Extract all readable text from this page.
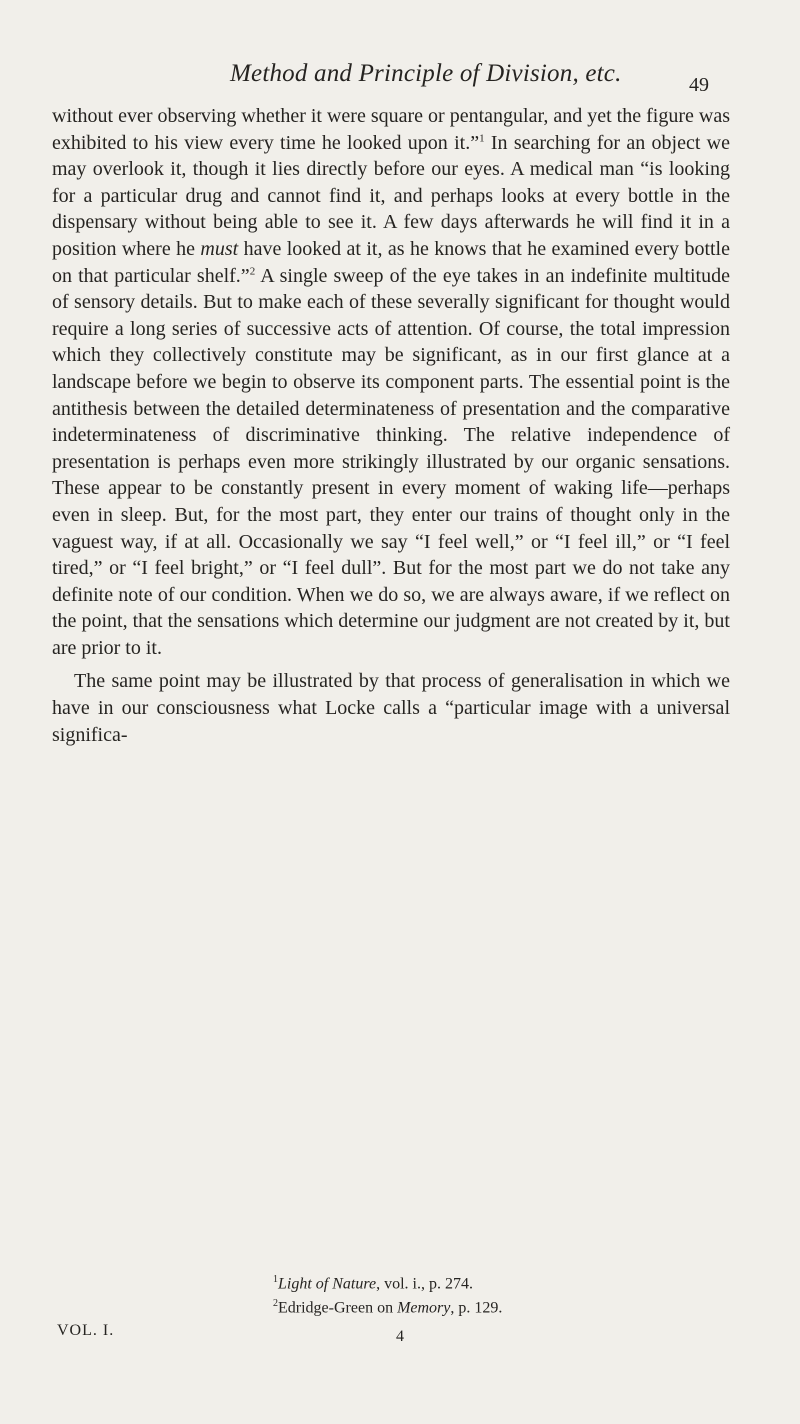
Method and Principle of Division, etc.	49

without ever observing whether it were square or pentangular, and yet the figure was exhibited to his view every time he looked upon it.”$^1$ In searching for an object we may overlook it, though it lies directly before our eyes. A medical man “is looking for a particular drug and cannot find it, and perhaps looks at every bottle in the dispensary without being able to see it. A few days afterwards he will find it in a position where he must have looked at it, as he knows that he examined every bottle on that particular shelf.”$^2$ A single sweep of the eye takes in an indefinite multitude of sensory details. But to make each of these severally significant for thought would require a long series of successive acts of attention. Of course, the total impression which they collectively constitute may be significant, as in our first glance at a landscape before we begin to observe its component parts. The essential point is the antithesis between the detailed determinateness of presentation and the comparative indeterminateness of discriminative thinking. The relative independence of presentation is perhaps even more strikingly illustrated by our organic sensations. These appear to be constantly present in every moment of waking life—perhaps even in sleep. But, for the most part, they enter our trains of thought only in the vaguest way, if at all. Occasionally we say “I feel well,” or “I feel ill,” or “I feel tired,” or “I feel bright,” or “I feel dull”. But for the most part we do not take any definite note of our condition. When we do so, we are always aware, if we reflect on the point, that the sensations which determine our judgment are not created by it, but are prior to it.

The same point may be illustrated by that process of generalisation in which we have in our consciousness what Locke calls a “particular image with a universal significa-

$^1$Light of Nature, vol. i., p. 274.
$^2$Edridge-Green on Memory, p. 129.
VOL. I.	4
